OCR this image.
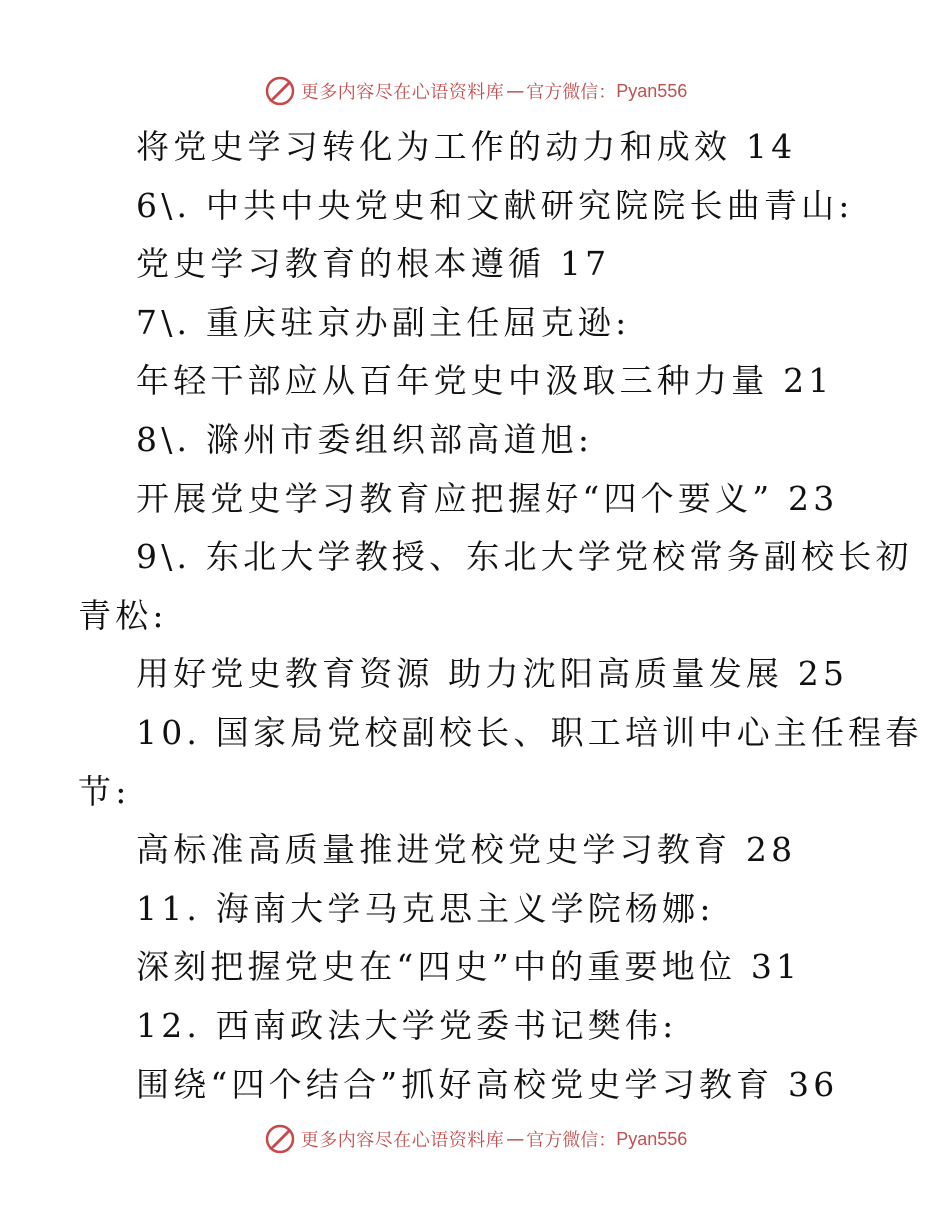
更多内容尽在心语资料库 — 官方微信： Pyan556
将党史学习转化为工作的动力和成效 14
6\. 中共中央党史和文献研究院院长曲青山:
党史学习教育的根本遵循 17
7\. 重庆驻京办副主任屈克逊:
年轻干部应从百年党史中汲取三种力量 21
8\. 滁州市委组织部高道旭:
开展党史学习教育应把握好“四个要义” 23
9\. 东北大学教授、东北大学党校常务副校长初
青松:
用好党史教育资源 助力沈阳高质量发展 25
10. 国家局党校副校长、职工培训中心主任程春
节:
高标准高质量推进党校党史学习教育 28
11. 海南大学马克思主义学院杨娜:
深刻把握党史在“四史”中的重要地位 31
12. 西南政法大学党委书记樊伟:
围绕“四个结合”抓好高校党史学习教育 36
更多内容尽在心语资料库 — 官方微信： Pyan556
